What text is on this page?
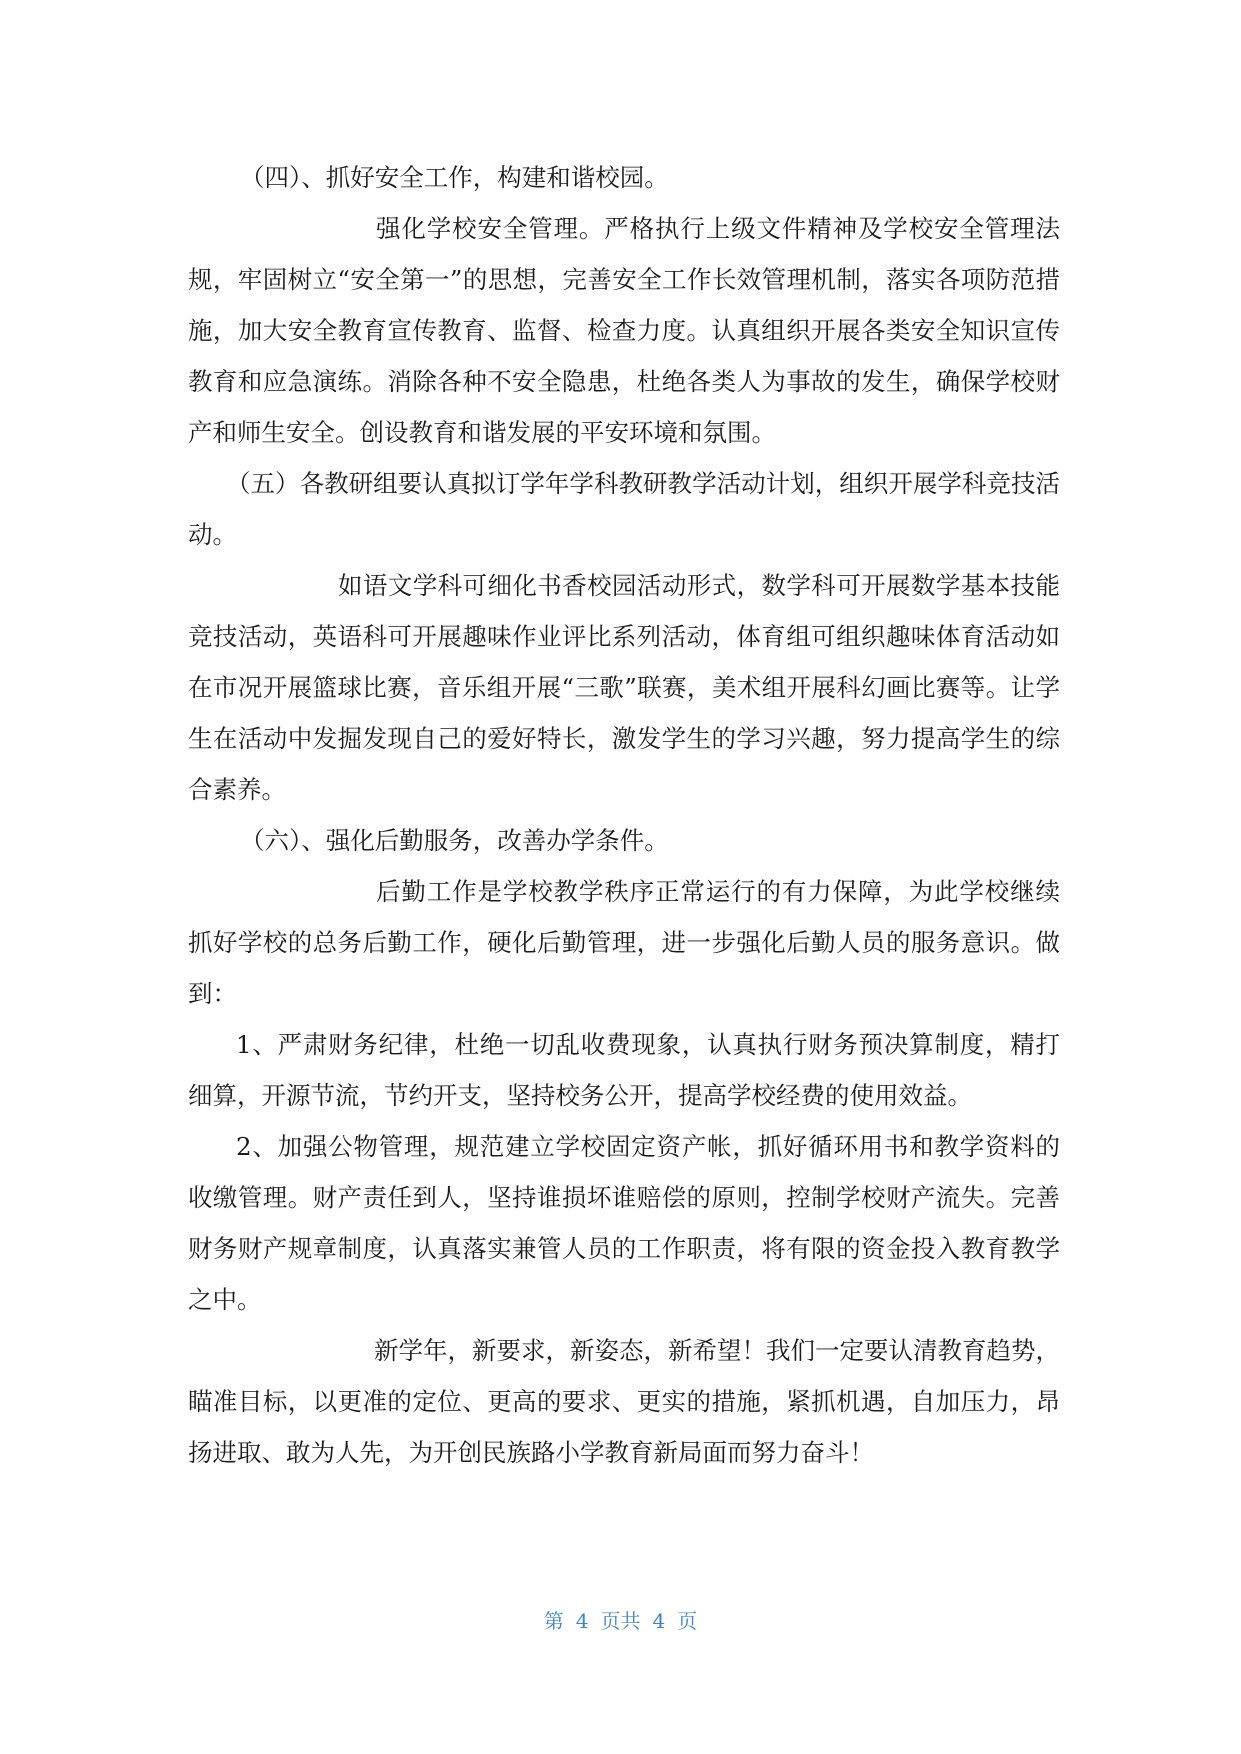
（四）、抓好安全工作，构建和谐校园。

强化学校安全管理。严格执行上级文件精神及学校安全管理法规，牢固树立“安全第一”的思想，完善安全工作长效管理机制，落实各项防范措施，加大安全教育宣传教育、监督、检查力度。认真组织开展各类安全知识宣传教育和应急演练。消除各种不安全隐患，杜绝各类人为事故的发生，确保学校财产和师生安全。创设教育和谐发展的平安环境和氛围。

（五）各教研组要认真拟订学年学科教研教学活动计划，组织开展学科竞技活动。

如语文学科可细化书香校园活动形式，数学科可开展数学基本技能竞技活动，英语科可开展趣味作业评比系列活动，体育组可组织趣味体育活动如在市况开展篮球比赛，音乐组开展“三歌”联赛，美术组开展科幻画比赛等。让学生在活动中发掘发现自己的爱好特长，激发学生的学习兴趣，努力提高学生的综合素养。

（六）、强化后勤服务，改善办学条件。

后勤工作是学校教学秩序正常运行的有力保障，为此学校继续抓好学校的总务后勤工作，硬化后勤管理，进一步强化后勤人员的服务意识。做到：

1、严肃财务纪律，杜绝一切乱收费现象，认真执行财务预决算制度，精打细算，开源节流，节约开支，坚持校务公开，提高学校经费的使用效益。

2、加强公物管理，规范建立学校固定资产帐，抓好循环用书和教学资料的收缴管理。财产责任到人，坚持谁损坏谁赔偿的原则，控制学校财产流失。完善财务财产规章制度，认真落实兼管人员的工作职责，将有限的资金投入教育教学之中。

新学年，新要求，新姿态，新希望！我们一定要认清教育趋势，瞄准目标，以更准的定位、更高的要求、更实的措施，紧抓机遇，自加压力，昂扬进取、敢为人先，为开创民族路小学教育新局面而努力奋斗！

第 4 页共 4 页
